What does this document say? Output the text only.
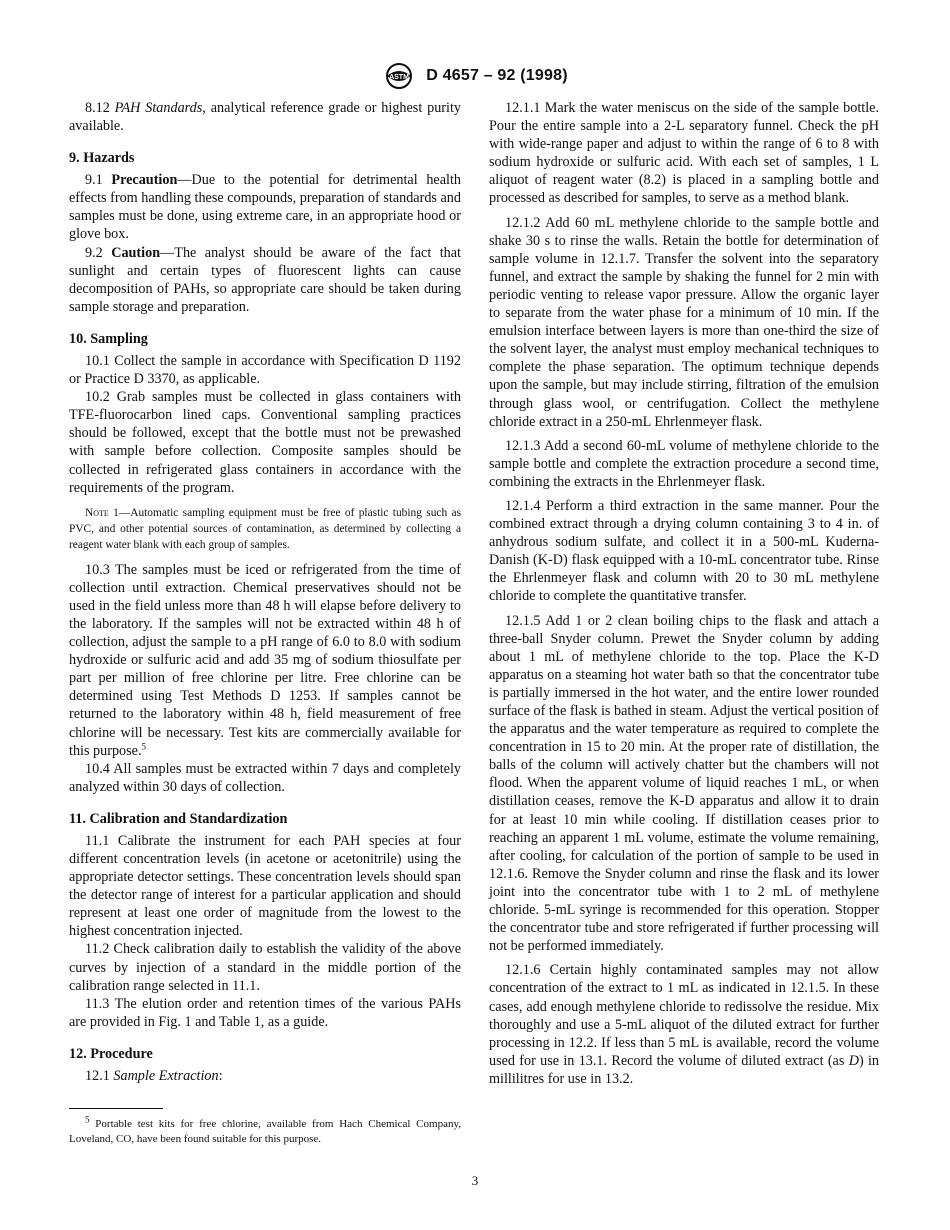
ASTM D 4657 – 92 (1998)

8.12 PAH Standards, analytical reference grade or highest purity available.

9. Hazards

9.1 Precaution—Due to the potential for detrimental health effects from handling these compounds, preparation of standards and samples must be done, using extreme care, in an appropriate hood or glove box.

9.2 Caution—The analyst should be aware of the fact that sunlight and certain types of fluorescent lights can cause decomposition of PAHs, so appropriate care should be taken during sample storage and preparation.

10. Sampling

10.1 Collect the sample in accordance with Specification D 1192 or Practice D 3370, as applicable.

10.2 Grab samples must be collected in glass containers with TFE-fluorocarbon lined caps. Conventional sampling practices should be followed, except that the bottle must not be prewashed with sample before collection. Composite samples should be collected in refrigerated glass containers in accordance with the requirements of the program.

Note 1—Automatic sampling equipment must be free of plastic tubing such as PVC, and other potential sources of contamination, as determined by collecting a reagent water blank with each group of samples.

10.3 The samples must be iced or refrigerated from the time of collection until extraction. Chemical preservatives should not be used in the field unless more than 48 h will elapse before delivery to the laboratory. If the samples will not be extracted within 48 h of collection, adjust the sample to a pH range of 6.0 to 8.0 with sodium hydroxide or sulfuric acid and add 35 mg of sodium thiosulfate per part per million of free chlorine per litre. Free chlorine can be determined using Test Methods D 1253. If samples cannot be returned to the laboratory within 48 h, field measurement of free chlorine will be necessary. Test kits are commercially available for this purpose.$^5$

10.4 All samples must be extracted within 7 days and completely analyzed within 30 days of collection.

11. Calibration and Standardization

11.1 Calibrate the instrument for each PAH species at four different concentration levels (in acetone or acetonitrile) using the appropriate detector settings. These concentration levels should span the detector range of interest for a particular application and should represent at least one order of magnitude from the lowest to the highest concentration injected.

11.2 Check calibration daily to establish the validity of the above curves by injection of a standard in the middle portion of the calibration range selected in 11.1.

11.3 The elution order and retention times of the various PAHs are provided in Fig. 1 and Table 1, as a guide.

12. Procedure

12.1 Sample Extraction:

$^5$ Portable test kits for free chlorine, available from Hach Chemical Company, Loveland, CO, have been found suitable for this purpose.

12.1.1 Mark the water meniscus on the side of the sample bottle. Pour the entire sample into a 2-L separatory funnel. Check the pH with wide-range paper and adjust to within the range of 6 to 8 with sodium hydroxide or sulfuric acid. With each set of samples, 1 L aliquot of reagent water (8.2) is placed in a sampling bottle and processed as described for samples, to serve as a method blank.

12.1.2 Add 60 mL methylene chloride to the sample bottle and shake 30 s to rinse the walls. Retain the bottle for determination of sample volume in 12.1.7. Transfer the solvent into the separatory funnel, and extract the sample by shaking the funnel for 2 min with periodic venting to release vapor pressure. Allow the organic layer to separate from the water phase for a minimum of 10 min. If the emulsion interface between layers is more than one-third the size of the solvent layer, the analyst must employ mechanical techniques to complete the phase separation. The optimum technique depends upon the sample, but may include stirring, filtration of the emulsion through glass wool, or centrifugation. Collect the methylene chloride extract in a 250-mL Ehrlenmeyer flask.

12.1.3 Add a second 60-mL volume of methylene chloride to the sample bottle and complete the extraction procedure a second time, combining the extracts in the Ehrlenmeyer flask.

12.1.4 Perform a third extraction in the same manner. Pour the combined extract through a drying column containing 3 to 4 in. of anhydrous sodium sulfate, and collect it in a 500-mL Kuderna-Danish (K-D) flask equipped with a 10-mL concentrator tube. Rinse the Ehrlenmeyer flask and column with 20 to 30 mL methylene chloride to complete the quantitative transfer.

12.1.5 Add 1 or 2 clean boiling chips to the flask and attach a three-ball Snyder column. Prewet the Snyder column by adding about 1 mL of methylene chloride to the top. Place the K-D apparatus on a steaming hot water bath so that the concentrator tube is partially immersed in the hot water, and the entire lower rounded surface of the flask is bathed in steam. Adjust the vertical position of the apparatus and the water temperature as required to complete the concentration in 15 to 20 min. At the proper rate of distillation, the balls of the column will actively chatter but the chambers will not flood. When the apparent volume of liquid reaches 1 mL, or when distillation ceases, remove the K-D apparatus and allow it to drain for at least 10 min while cooling. If distillation ceases prior to reaching an apparent 1 mL volume, estimate the volume remaining, after cooling, for calculation of the portion of sample to be used in 12.1.6. Remove the Snyder column and rinse the flask and its lower joint into the concentrator tube with 1 to 2 mL of methylene chloride. 5-mL syringe is recommended for this operation. Stopper the concentrator tube and store refrigerated if further processing will not be performed immediately.

12.1.6 Certain highly contaminated samples may not allow concentration of the extract to 1 mL as indicated in 12.1.5. In these cases, add enough methylene chloride to redissolve the residue. Mix thoroughly and use a 5-mL aliquot of the diluted extract for further processing in 12.2. If less than 5 mL is available, record the volume used for use in 13.1. Record the volume of diluted extract (as D) in millilitres for use in 13.2.

3
